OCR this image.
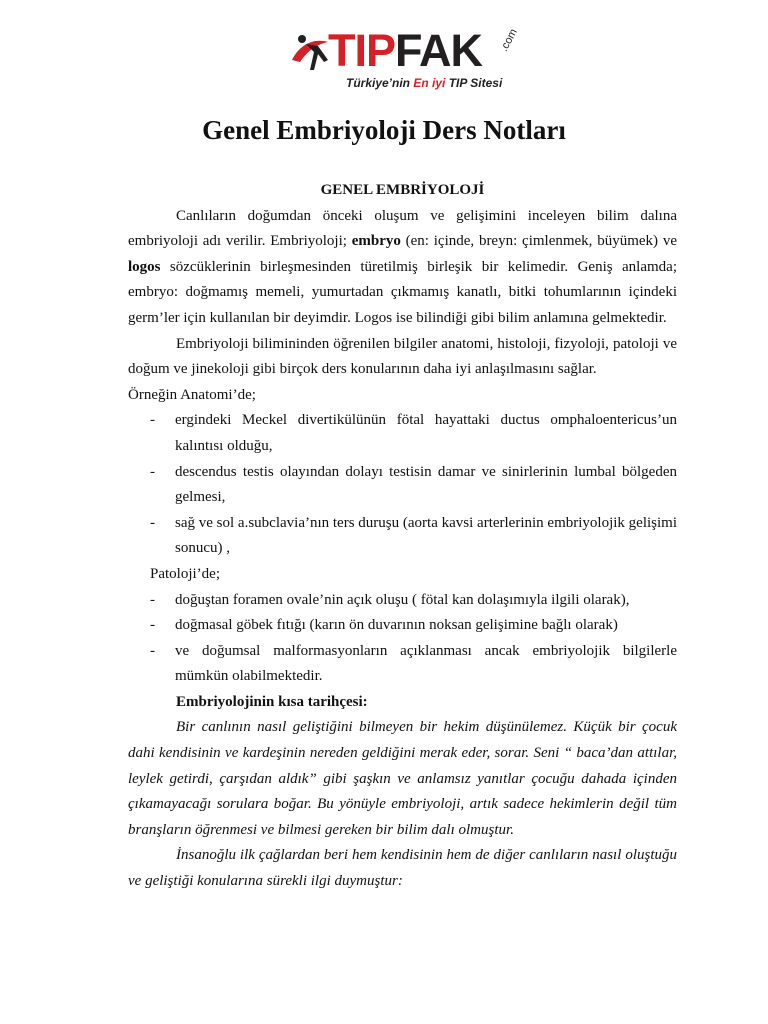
TIPFAK .com
Türkiye’nin En iyi TIP Sitesi
Genel Embriyoloji Ders Notları

GENEL EMBRİYOLOJİ

Canlıların doğumdan önceki oluşum ve gelişimini inceleyen bilim dalına embriyoloji adı verilir. Embriyoloji; embryo (en: içinde, breyn: çimlenmek, büyümek) ve logos sözcüklerinin birleşmesinden türetilmiş birleşik bir kelimedir. Geniş anlamda; embryo: doğmamış memeli, yumurtadan çıkmamış kanatlı, bitki tohumlarının içindeki germ’ler için kullanılan bir deyimdir. Logos ise bilindiği gibi bilim anlamına gelmektedir.

Embriyoloji bilimininden öğrenilen bilgiler anatomi, histoloji, fizyoloji, patoloji ve doğum ve jinekoloji gibi birçok ders konularının daha iyi anlaşılmasını sağlar.

Örneğin Anatomi’de;

- ergindeki Meckel divertikülünün fötal hayattaki ductus omphaloentericus’un kalıntısı olduğu,
- descendus testis olayından dolayı testisin damar ve sinirlerinin lumbal bölgeden gelmesi,
- sağ ve sol a.subclavia’nın ters duruşu (aorta kavsi arterlerinin embriyolojik gelişimi sonucu) ,

Patoloji’de;

- doğuştan foramen ovale’nin açık oluşu ( fötal kan dolaşımıyla ilgili olarak),
- doğmasal göbek fıtığı (karın ön duvarının noksan gelişimine bağlı olarak)
- ve doğumsal malformasyonların açıklanması ancak embriyolojik bilgilerle mümkün olabilmektedir.

Embriyolojinin kısa tarihçesi:

Bir canlının nasıl geliştiğini bilmeyen bir hekim düşünülemez. Küçük bir çocuk dahi kendisinin ve kardeşinin nereden geldiğini merak eder, sorar. Seni “ baca’dan attılar, leylek getirdi, çarşıdan aldık” gibi şaşkın ve anlamsız yanıtlar çocuğu dahada içinden çıkamayacağı sorulara boğar. Bu yönüyle embriyoloji, artık sadece hekimlerin değil tüm branşların öğrenmesi ve bilmesi gereken bir bilim dalı olmuştur.

İnsanoğlu ilk çağlardan beri hem kendisinin hem de diğer canlıların nasıl oluştuğu ve geliştiği konularına sürekli ilgi duymuştur:
